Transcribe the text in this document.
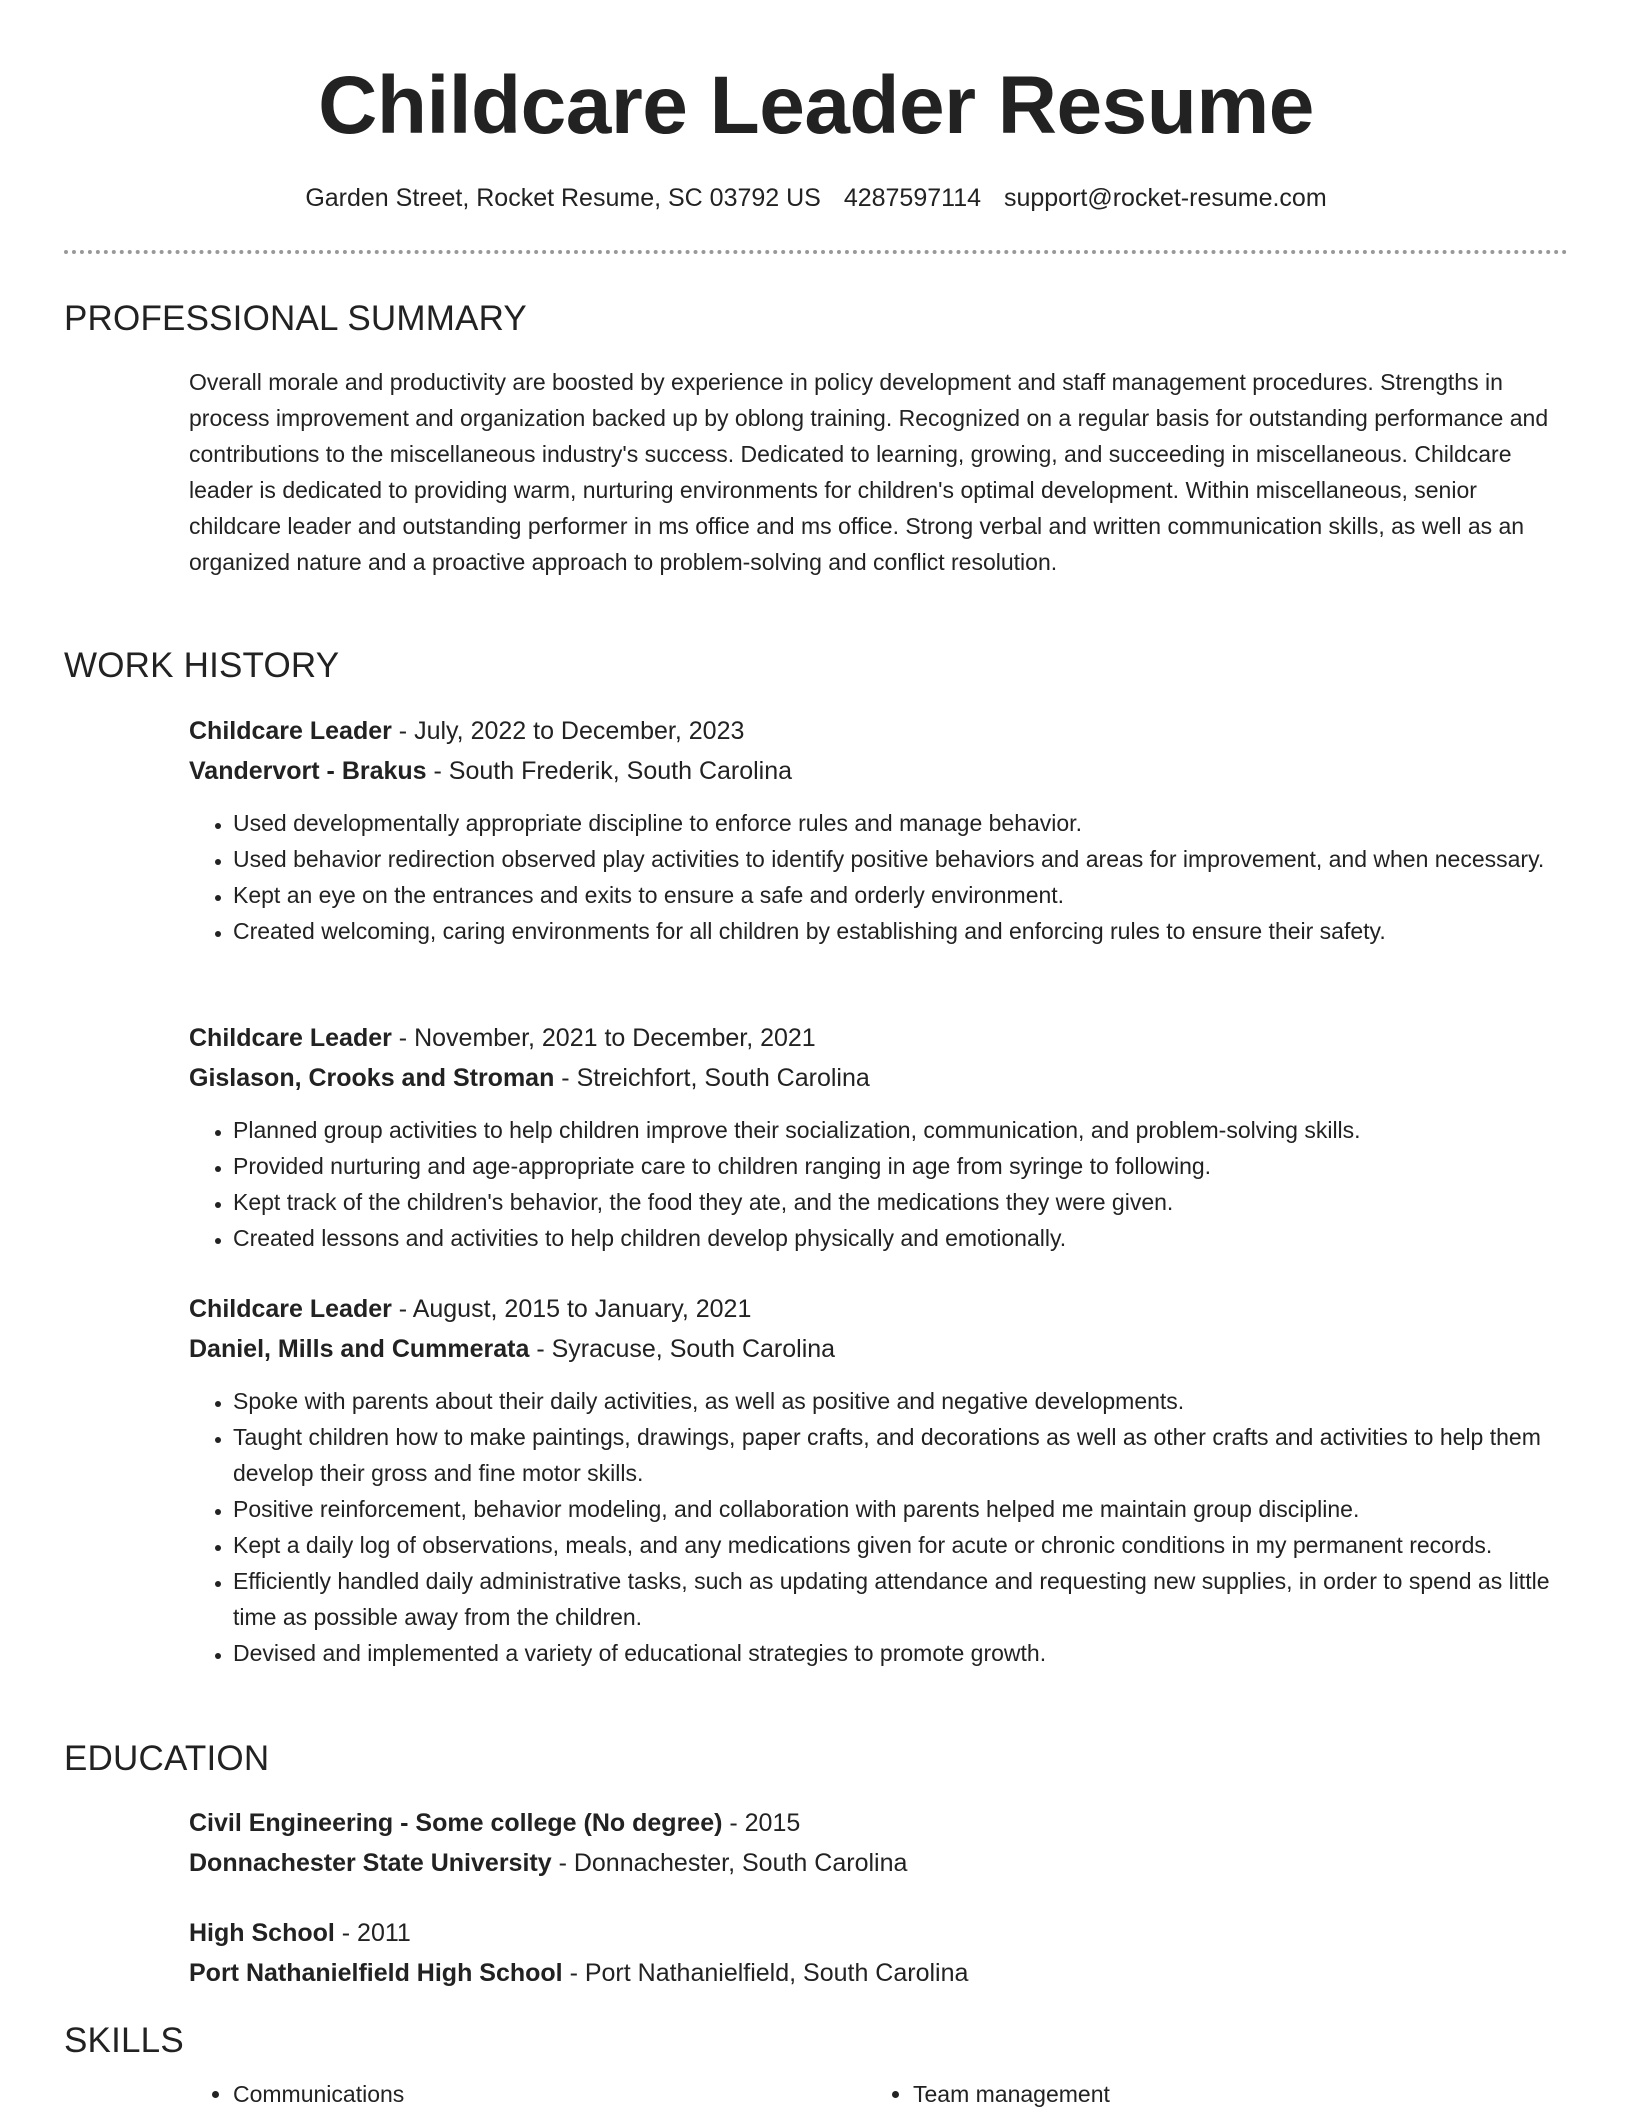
Childcare Leader Resume
Garden Street, Rocket Resume, SC 03792 US 4287597114 support@rocket-resume.com
PROFESSIONAL SUMMARY

Overall morale and productivity are boosted by experience in policy development and staff management procedures. Strengths in process improvement and organization backed up by oblong training. Recognized on a regular basis for outstanding performance and contributions to the miscellaneous industry's success. Dedicated to learning, growing, and succeeding in miscellaneous. Childcare leader is dedicated to providing warm, nurturing environments for children's optimal development. Within miscellaneous, senior childcare leader and outstanding performer in ms office and ms office. Strong verbal and written communication skills, as well as an organized nature and a proactive approach to problem-solving and conflict resolution.

WORK HISTORY

Childcare Leader - July, 2022 to December, 2023

Vandervort - Brakus - South Frederik, South Carolina

• Used developmentally appropriate discipline to enforce rules and manage behavior.
• Used behavior redirection observed play activities to identify positive behaviors and areas for improvement, and when necessary.
• Kept an eye on the entrances and exits to ensure a safe and orderly environment.
• Created welcoming, caring environments for all children by establishing and enforcing rules to ensure their safety.

Childcare Leader - November, 2021 to December, 2021

Gislason, Crooks and Stroman - Streichfort, South Carolina

• Planned group activities to help children improve their socialization, communication, and problem-solving skills.
• Provided nurturing and age-appropriate care to children ranging in age from syringe to following.
• Kept track of the children's behavior, the food they ate, and the medications they were given.
• Created lessons and activities to help children develop physically and emotionally.

Childcare Leader - August, 2015 to January, 2021

Daniel, Mills and Cummerata - Syracuse, South Carolina

• Spoke with parents about their daily activities, as well as positive and negative developments.
• Taught children how to make paintings, drawings, paper crafts, and decorations as well as other crafts and activities to help them develop their gross and fine motor skills.
• Positive reinforcement, behavior modeling, and collaboration with parents helped me maintain group discipline.
• Kept a daily log of observations, meals, and any medications given for acute or chronic conditions in my permanent records.
• Efficiently handled daily administrative tasks, such as updating attendance and requesting new supplies, in order to spend as little time as possible away from the children.
• Devised and implemented a variety of educational strategies to promote growth.
EDUCATION

Civil Engineering - Some college (No degree) - 2015

Donnachester State University - Donnachester, South Carolina

High School - 2011

Port Nathanielfield High School - Port Nathanielfield, South Carolina

SKILLS
• Communications
•	Team management
